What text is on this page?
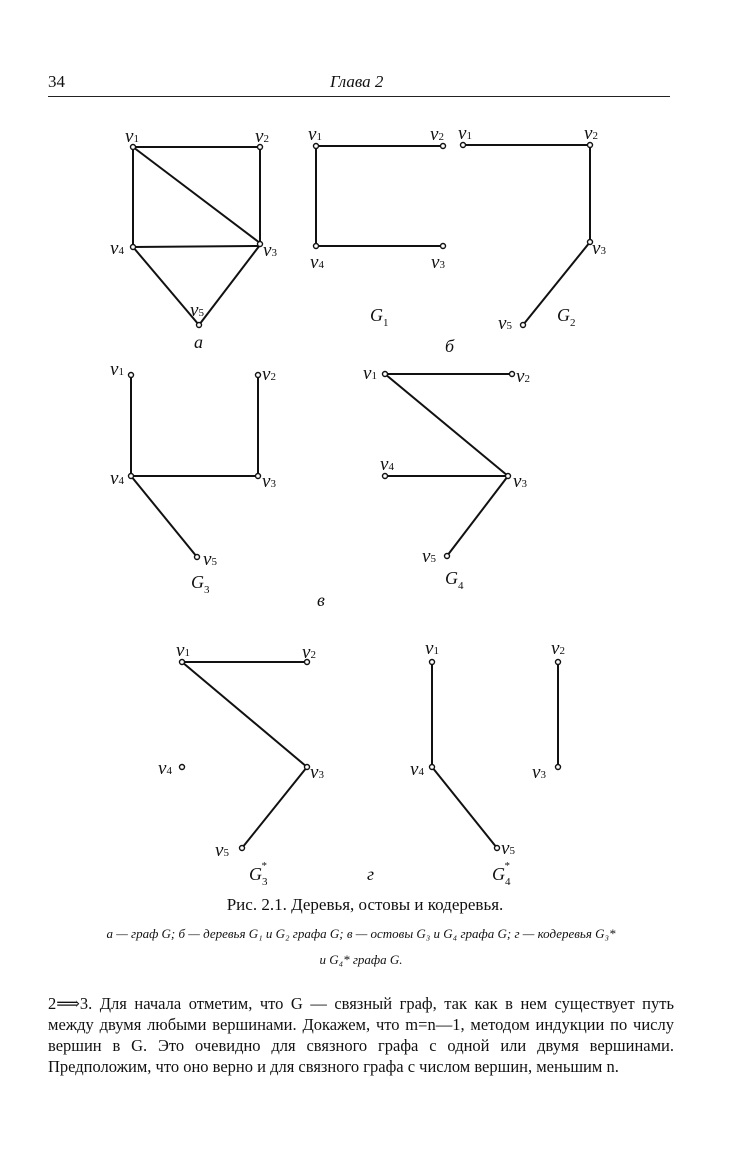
34	Глава 2
v1	v2
v3
v4
v5
а
v1	v2
v3
v4
$G_1$
v1	v2
v3
v5
$G_2$
б
v1	v2
v3
v4
v5
$G_3$
v1	v2
v3
v4
v5
$G_4$
в
v1	v2
v3
v4
v5
$G_3*$
v1	v2
v3
v4
v5
$G_4*$
г
Рис. 2.1. Деревья, остовы и кодеревья.
а — граф G; б — деревья G₁ и G₂ графа G; в — остовы G₃ и G₄ графа G; г — кодеревья G₃*
и G₄* графа G.
2⟹3. Для начала отметим, что G — связный граф, так как в нем существует путь между двумя любыми вершинами. Докажем, что m=n—1, методом индукции по числу вершин в G. Это очевидно для связного графа с одной или двумя вершинами. Предположим, что оно верно и для связного графа с числом вершин, меньшим n.
